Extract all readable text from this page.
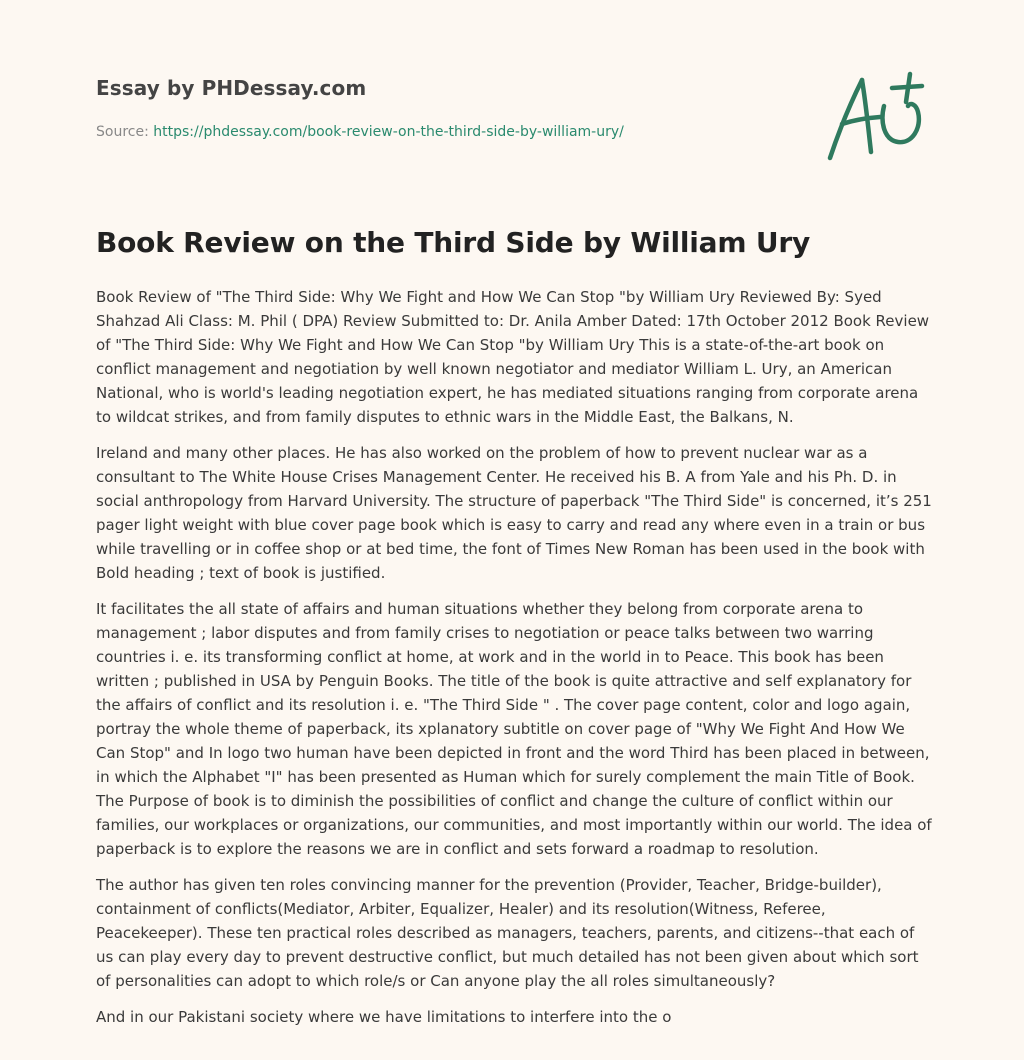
Essay by PHDessay.com
Source: https://phdessay.com/book-review-on-the-third-side-by-william-ury/
Book Review on the Third Side by William Ury

Book Review of "The Third Side: Why We Fight and How We Can Stop "by William Ury Reviewed By: Syed Shahzad Ali Class: M. Phil ( DPA) Review Submitted to: Dr. Anila Amber Dated: 17th October 2012 Book Review of "The Third Side: Why We Fight and How We Can Stop "by William Ury This is a state-of-the-art book on conflict management and negotiation by well known negotiator and mediator William L. Ury, an American National, who is world's leading negotiation expert, he has mediated situations ranging from corporate arena to wildcat strikes, and from family disputes to ethnic wars in the Middle East, the Balkans, N.

Ireland and many other places. He has also worked on the problem of how to prevent nuclear war as a consultant to The White House Crises Management Center. He received his B. A from Yale and his Ph. D. in social anthropology from Harvard University. The structure of paperback "The Third Side" is concerned, it’s 251 pager light weight with blue cover page book which is easy to carry and read any where even in a train or bus while travelling or in coffee shop or at bed time, the font of Times New Roman has been used in the book with Bold heading ; text of book is justified.

It facilitates the all state of affairs and human situations whether they belong from corporate arena to management ; labor disputes and from family crises to negotiation or peace talks between two warring countries i. e. its transforming conflict at home, at work and in the world in to Peace. This book has been written ; published in USA by Penguin Books. The title of the book is quite attractive and self explanatory for the affairs of conflict and its resolution i. e. "The Third Side " . The cover page content, color and logo again, portray the whole theme of paperback, its xplanatory subtitle on cover page of "Why We Fight And How We Can Stop" and In logo two human have been depicted in front and the word Third has been placed in between, in which the Alphabet "I" has been presented as Human which for surely complement the main Title of Book. The Purpose of book is to diminish the possibilities of conflict and change the culture of conflict within our families, our workplaces or organizations, our communities, and most importantly within our world. The idea of paperback is to explore the reasons we are in conflict and sets forward a roadmap to resolution.

The author has given ten roles convincing manner for the prevention (Provider, Teacher, Bridge-builder), containment of conflicts(Mediator, Arbiter, Equalizer, Healer) and its resolution(Witness, Referee, Peacekeeper). These ten practical roles described as managers, teachers, parents, and citizens--that each of us can play every day to prevent destructive conflict, but much detailed has not been given about which sort of personalities can adopt to which role/s or Can anyone play the all roles simultaneously?

And in our Pakistani society where we have limitations to interfere into the o
